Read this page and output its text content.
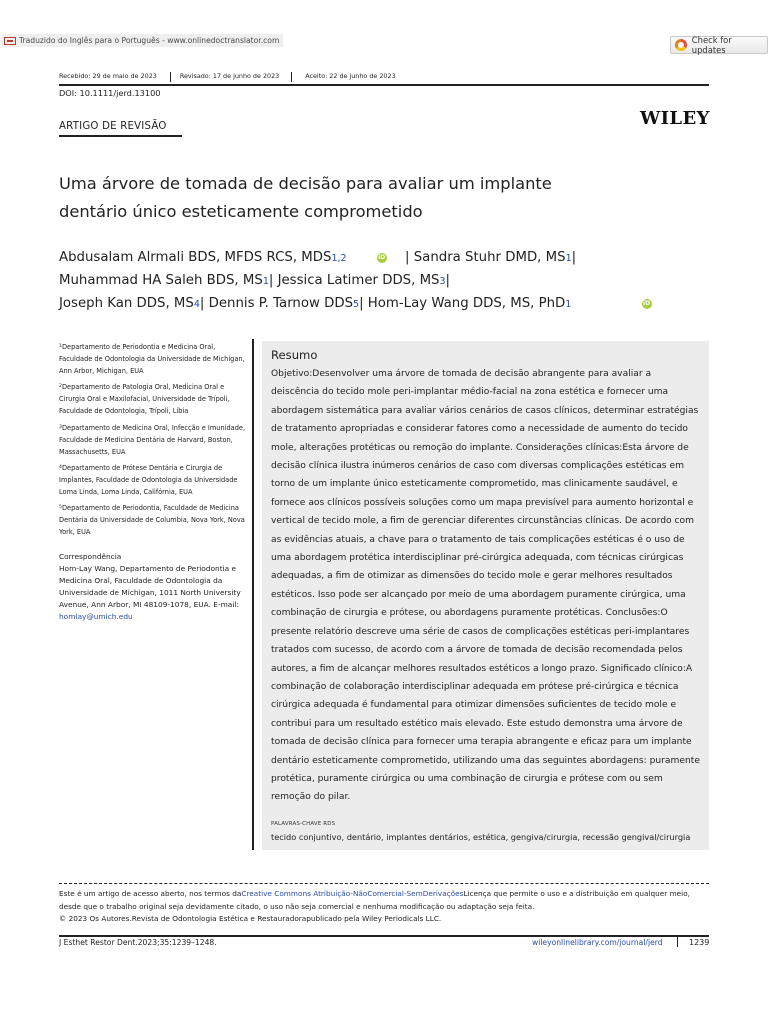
Traduzido do Inglês para o Português - www.onlinedoctranslator.com	Check for updates
Recebido: 29 de maio de 2023	Revisado: 17 de junho de 2023	Aceito: 22 de junho de 2023
DOI: 10.1111/jerd.13100
ARTIGO DE REVISÃO	WILEY
Uma árvore de tomada de decisão para avaliar um implante
dentário único esteticamente comprometido
Abdusalam Alrmali BDS, MFDS RCS, MDS1,2	iD | Sandra Stuhr DMD, MS1|
Muhammad HA Saleh BDS, MS1| Jessica Latimer DDS, MS3|
Joseph Kan DDS, MS4| Dennis P. Tarnow DDS5| Hom-Lay Wang DDS, MS, PhD1	iD
$^1$Departamento de Periodontia e Medicina Oral, Faculdade de Odontologia da Universidade de Michigan, Ann Arbor, Michigan, EUA
$^2$Departamento de Patologia Oral, Medicina Oral e Cirurgia Oral e Maxilofacial, Universidade de Trípoli, Faculdade de Odontologia, Trípoli, Líbia
$^3$Departamento de Medicina Oral, Infecção e Imunidade, Faculdade de Medicina Dentária de Harvard, Boston, Massachusetts, EUA
$^4$Departamento de Prótese Dentária e Cirurgia de Implantes, Faculdade de Odontologia da Universidade Loma Linda, Loma Linda, Califórnia, EUA
$^5$Departamento de Periodontia, Faculdade de Medicina Dentária da Universidade de Columbia, Nova York, Nova York, EUA
Correspondência
Hom-Lay Wang, Departamento de Periodontia e Medicina Oral, Faculdade de Odontologia da Universidade de Michigan, 1011 North University Avenue, Ann Arbor, MI 48109-1078, EUA. E-mail: homlay@umich.edu
Resumo
Objetivo:Desenvolver uma árvore de tomada de decisão abrangente para avaliar a deiscência do tecido mole peri-implantar médio-facial na zona estética e fornecer uma abordagem sistemática para avaliar vários cenários de casos clínicos, determinar estratégias de tratamento apropriadas e considerar fatores como a necessidade de aumento do tecido mole, alterações protéticas ou remoção do implante. Considerações clínicas:Esta árvore de decisão clínica ilustra inúmeros cenários de caso com diversas complicações estéticas em torno de um implante único esteticamente comprometido, mas clinicamente saudável, e fornece aos clínicos possíveis soluções como um mapa previsível para aumento horizontal e vertical de tecido mole, a fim de gerenciar diferentes circunstâncias clínicas. De acordo com as evidências atuais, a chave para o tratamento de tais complicações estéticas é o uso de uma abordagem protética interdisciplinar pré-cirúrgica adequada, com técnicas cirúrgicas adequadas, a fim de otimizar as dimensões do tecido mole e gerar melhores resultados estéticos. Isso pode ser alcançado por meio de uma abordagem puramente cirúrgica, uma combinação de cirurgia e prótese, ou abordagens puramente protéticas. Conclusões:O presente relatório descreve uma série de casos de complicações estéticas peri-implantares tratados com sucesso, de acordo com a árvore de tomada de decisão recomendada pelos autores, a fim de alcançar melhores resultados estéticos a longo prazo. Significado clínico:A combinação de colaboração interdisciplinar adequada em prótese pré-cirúrgica e técnica cirúrgica adequada é fundamental para otimizar dimensões suficientes de tecido mole e contribui para um resultado estético mais elevado. Este estudo demonstra uma árvore de tomada de decisão clínica para fornecer uma terapia abrangente e eficaz para um implante dentário esteticamente comprometido, utilizando uma das seguintes abordagens: puramente protética, puramente cirúrgica ou uma combinação de cirurgia e prótese com ou sem remoção do pilar.
PALAVRAS-CHAVE RDS
tecido conjuntivo, dentário, implantes dentários, estética, gengiva/cirurgia, recessão gengival/cirurgia
Este é um artigo de acesso aberto, nos termos daCreative Commons Atribuição-NãoComercial-SemDerivaçõesLicença que permite o uso e a distribuição em qualquer meio, desde que o trabalho original seja devidamente citado, o uso não seja comercial e nenhuma modificação ou adaptação seja feita.
© 2023 Os Autores.Revista de Odontologia Estética e Restauradorapublicado pela Wiley Periodicals LLC.
J Esthet Restor Dent.2023;35:1239–1248.	wileyonlinelibrary.com/journal/jerd	1239
